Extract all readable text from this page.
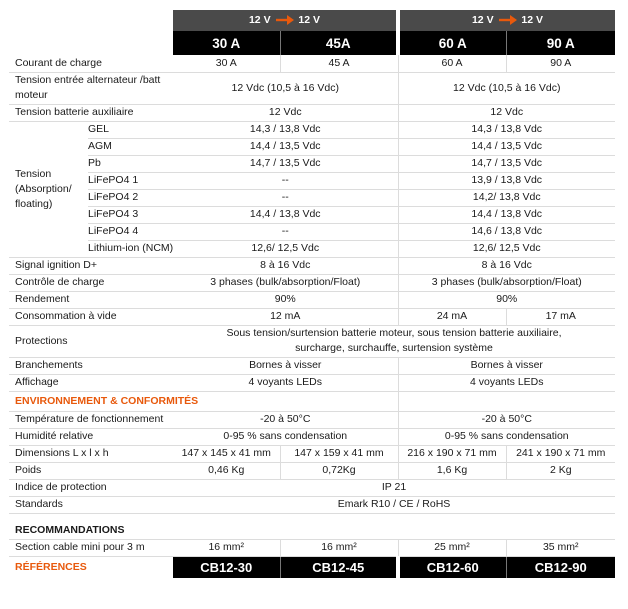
		12 V 12 V		12 V 12 V	
		30 A	45A	60 A	90 A
Courant de charge		30 A	45 A	60 A	90 A
Tension entrée alternateur /batt moteur		12 Vdc (10,5 à 16 Vdc)		12 Vdc (10,5 à 16 Vdc)	
Tension batterie auxiliaire		12 Vdc		12 Vdc	
Tension (Absorption/ floating)	GEL	14,3 / 13,8 Vdc		14,3 / 13,8 Vdc	
	AGM	14,4 / 13,5 Vdc		14,4 / 13,5 Vdc	
	Pb	14,7 / 13,5 Vdc		14,7 / 13,5 Vdc	
	LiFePO4 1	--		13,9 / 13,8 Vdc	
	LiFePO4 2	--		14,2/ 13,8 Vdc	
	LiFePO4 3	14,4 / 13,8 Vdc		14,4 / 13,8 Vdc	
	LiFePO4 4	--		14,6 / 13,8 Vdc	
	Lithium-ion (NCM)	12,6/ 12,5 Vdc		12,6/ 12,5 Vdc	
Signal ignition D+		8 à 16 Vdc		8 à 16 Vdc	
Contrôle de charge		3 phases (bulk/absorption/Float)		3 phases (bulk/absorption/Float)	
Rendement		90%		90%	
Consommation à vide		12 mA		24 mA	17 mA
Protections		Sous tension/surtension batterie moteur, sous tension batterie auxiliaire,
surcharge, surchauffe, surtension système			

Branchements		Bornes à visser		Bornes à visser	
Affichage		4 voyants LEDs		4 voyants LEDs	
ENVIRONNEMENT & CONFORMITÉS					
Température de fonctionnement		-20 à 50°C		-20 à 50°C	
Humidité relative		0-95 % sans condensation		0-95 % sans condensation	
Dimensions L x l x h		147 x 145 x 41 mm	147 x 159 x 41 mm	216 x 190 x 71 mm	241 x 190 x 71 mm
Poids		0,46 Kg	0,72Kg	1,6 Kg	2 Kg
Indice de protection		IP 21			
Standards		Emark R10 / CE / RoHS			

RECOMMANDATIONS					
Section cable mini pour 3 m		16 mm²	16 mm²	25 mm²	35 mm²
RÉFÉRENCES		CB12-30	CB12-45	CB12-60	CB12-90
